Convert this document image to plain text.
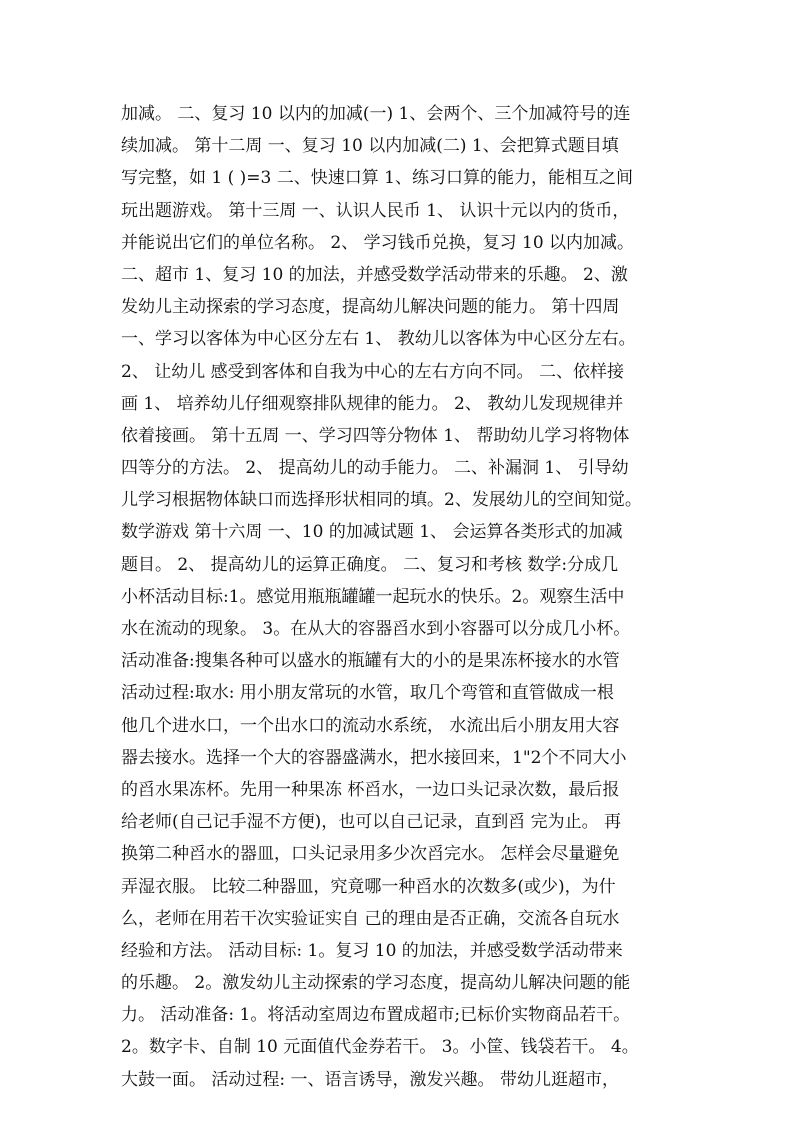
加减。 二、复习 10 以内的加减(一) 1、会两个、三个加减符号的连
续加减。 第十二周 一、复习 10 以内加减(二) 1、会把算式题目填
写完整，如 1 ( )=3 二、快速口算 1、练习口算的能力，能相互之间
玩出题游戏。 第十三周 一、认识人民币 1、 认识十元以内的货币，
并能说出它们的单位名称。 2、 学习钱币兑换，复习 10 以内加减。
二、超市 1、复习 10 的加法，并感受数学活动带来的乐趣。 2、激
发幼儿主动探索的学习态度，提高幼儿解决问题的能力。 第十四周
一、学习以客体为中心区分左右 1、 教幼儿以客体为中心区分左右。
2、 让幼儿 感受到客体和自我为中心的左右方向不同。 二、依样接
画 1、 培养幼儿仔细观察排队规律的能力。 2、 教幼儿发现规律并
依着接画。 第十五周 一、学习四等分物体 1、 帮助幼儿学习将物体
四等分的方法。 2、 提高幼儿的动手能力。 二、补漏洞 1、 引导幼
儿学习根据物体缺口而选择形状相同的填。2、发展幼儿的空间知觉。
数学游戏 第十六周 一、10 的加减试题 1、 会运算各类形式的加减
题目。 2、 提高幼儿的运算正确度。 二、复习和考核 数学:分成几
小杯活动目标:1。感觉用瓶瓶罐罐一起玩水的快乐。2。观察生活中
水在流动的现象。 3。在从大的容器舀水到小容器可以分成几小杯。
活动准备:搜集各种可以盛水的瓶罐有大的小的是果冻杯接水的水管
活动过程:取水: 用小朋友常玩的水管，取几个弯管和直管做成一根
他几个进水口，一个出水口的流动水系统， 水流出后小朋友用大容
器去接水。选择一个大的容器盛满水，把水接回来，1"2个不同大小
的舀水果冻杯。先用一种果冻 杯舀水，一边口头记录次数，最后报
给老师(自己记手湿不方便)，也可以自己记录，直到舀 完为止。 再
换第二种舀水的器皿，口头记录用多少次舀完水。 怎样会尽量避免
弄湿衣服。 比较二种器皿，究竟哪一种舀水的次数多(或少)，为什
么，老师在用若干次实验证实自 己的理由是否正确，交流各自玩水
经验和方法。 活动目标: 1。复习 10 的加法，并感受数学活动带来
的乐趣。 2。激发幼儿主动探索的学习态度，提高幼儿解决问题的能
力。 活动准备: 1。将活动室周边布置成超市;已标价实物商品若干。
2。数字卡、自制 10 元面值代金券若干。 3。小筐、钱袋若干。 4。
大鼓一面。 活动过程: 一、语言诱导，激发兴趣。 带幼儿逛超市，
